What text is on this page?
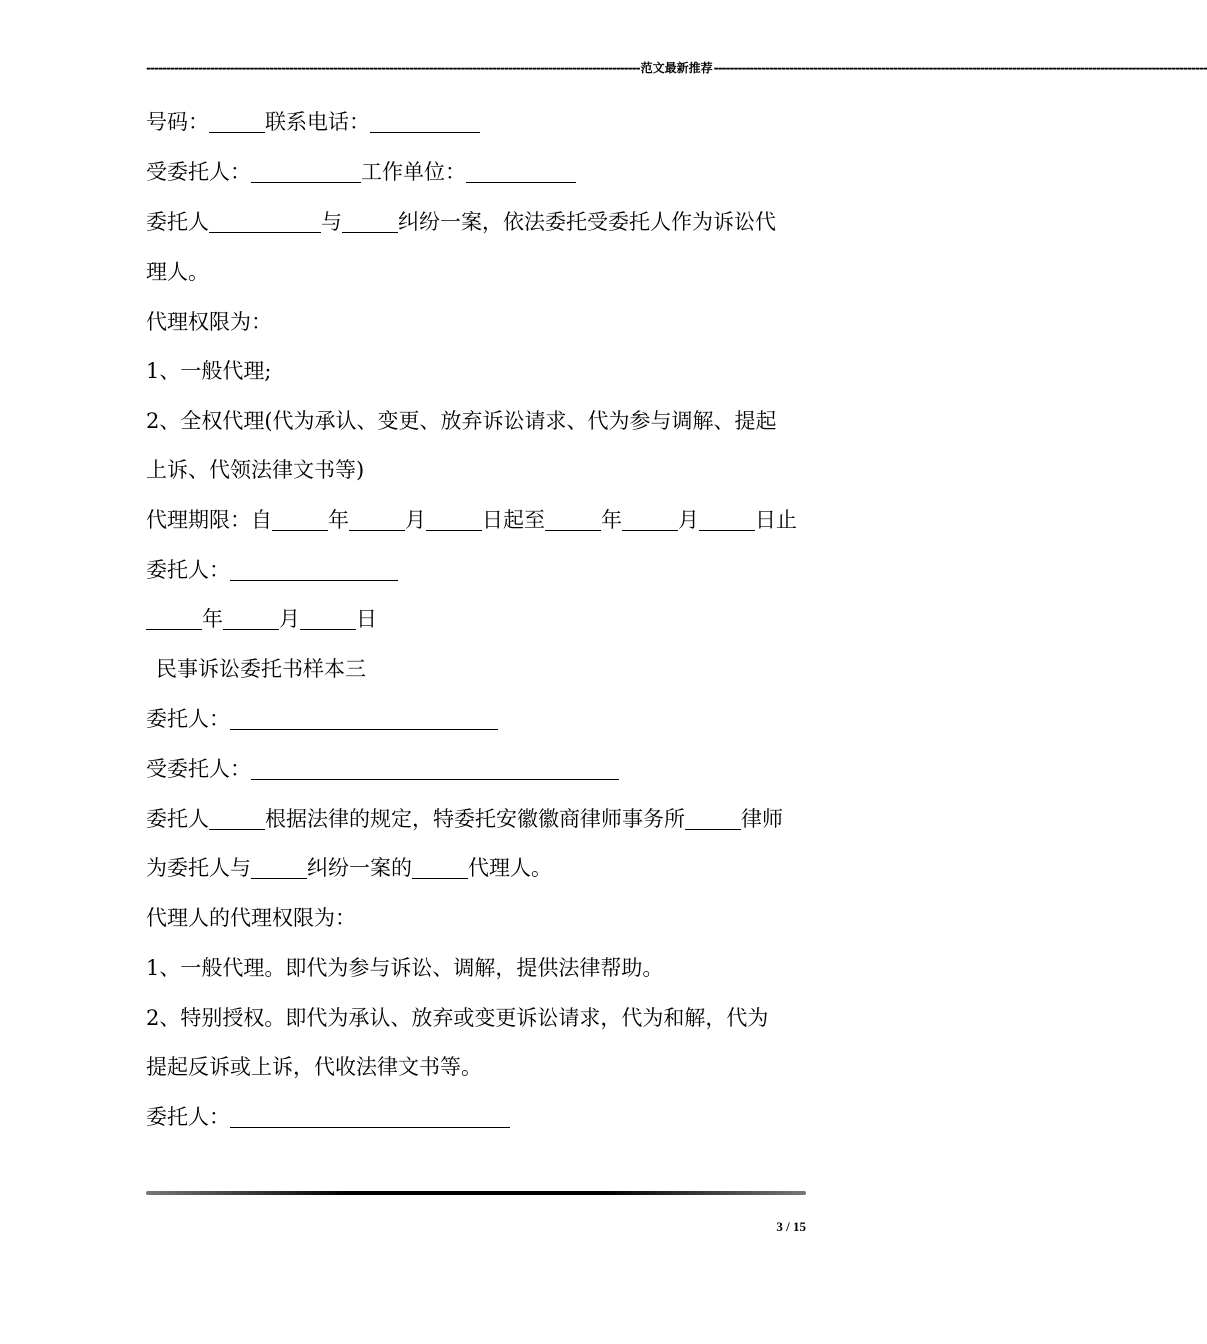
---------------------------------------------------------------------------------------------------------------------------- 范文最新推荐 ----------------------------------------------------------------------------------------------------------------------------
号码：	联系电话：
受委托人：	工作单位：
委托人	与	纠纷一案，依法委托受委托人作为诉讼代
理人。
代理权限为：
1、一般代理;
2、全权代理(代为承认、变更、放弃诉讼请求、代为参与调解、提起
上诉、代领法律文书等)
代理期限：自	年	月	日起至	年	月	日止
委托人：
年	月	日
民事诉讼委托书样本三
委托人：
受委托人：
委托人	根据法律的规定，特委托安徽徽商律师事务所	律师
为委托人与	纠纷一案的	代理人。
代理人的代理权限为：
1、一般代理。即代为参与诉讼、调解，提供法律帮助。
2、特别授权。即代为承认、放弃或变更诉讼请求，代为和解，代为
提起反诉或上诉，代收法律文书等。
委托人：
3 / 15
